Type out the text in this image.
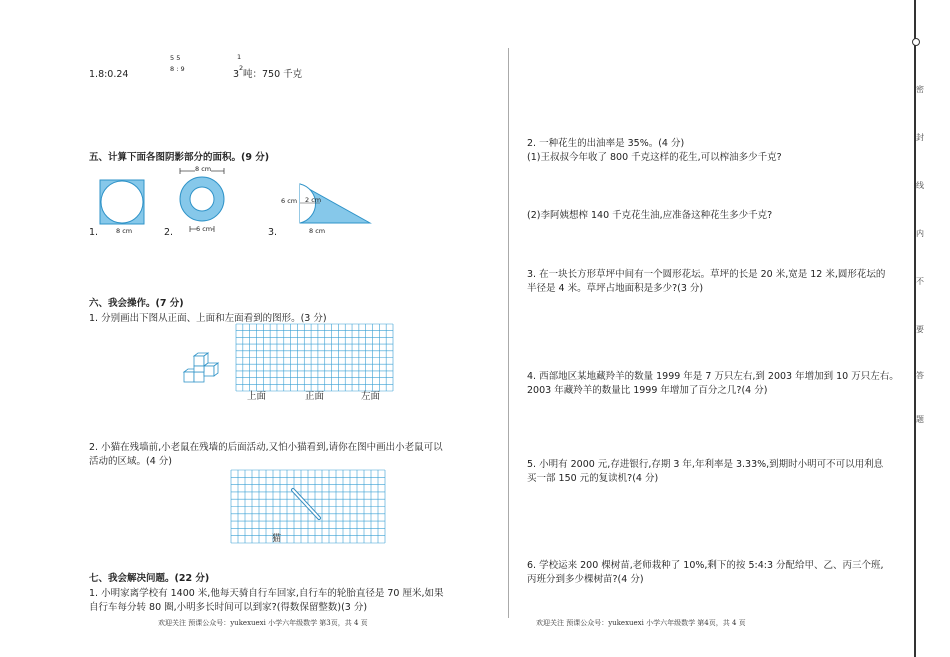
1.8:0.24
5 5
8 : 9
1
3
2
吨：750 千克
五、计算下面各图阴影部分的面积。(9 分)
8 cm
1.
8 cm
6 cm
2.
6 cm 2 cm
8 cm
3.
六、我会操作。(7 分)
1. 分别画出下图从正面、上面和左面看到的图形。(3 分)
上面	正面	左面
2. 小猫在残墙前,小老鼠在残墙的后面活动,又怕小猫看到,请你在图中画出小老鼠可以
活动的区域。(4 分)
猫
七、我会解决问题。(22 分)
1. 小明家离学校有 1400 米,他每天骑自行车回家,自行车的轮胎直径是 70 厘米,如果
自行车每分转 80 圈,小明多长时间可以到家?(得数保留整数)(3 分)
欢迎关注 预课公众号：yukexuexi 小学六年级数学 第3页，共 4 页
2. 一种花生的出油率是 35%。(4 分)
(1)王叔叔今年收了 800 千克这样的花生,可以榨油多少千克?
(2)李阿姨想榨 140 千克花生油,应准备这种花生多少千克?
3. 在一块长方形草坪中间有一个圆形花坛。草坪的长是 20 米,宽是 12 米,圆形花坛的
半径是 4 米。草坪占地面积是多少?(3 分)
4. 西部地区某地藏羚羊的数量 1999 年是 7 万只左右,到 2003 年增加到 10 万只左右。
2003 年藏羚羊的数量比 1999 年增加了百分之几?(4 分)
5. 小明有 2000 元,存进银行,存期 3 年,年利率是 3.33%,到期时小明可不可以用利息
买一部 150 元的复读机?(4 分)
6. 学校运来 200 棵树苗,老师栽种了 10%,剩下的按 5:4:3 分配给甲、乙、丙三个班,
丙班分到多少棵树苗?(4 分)
欢迎关注 预课公众号：yukexuexi 小学六年级数学 第4页，共 4 页
密
封
线
内
不
要
答
题
